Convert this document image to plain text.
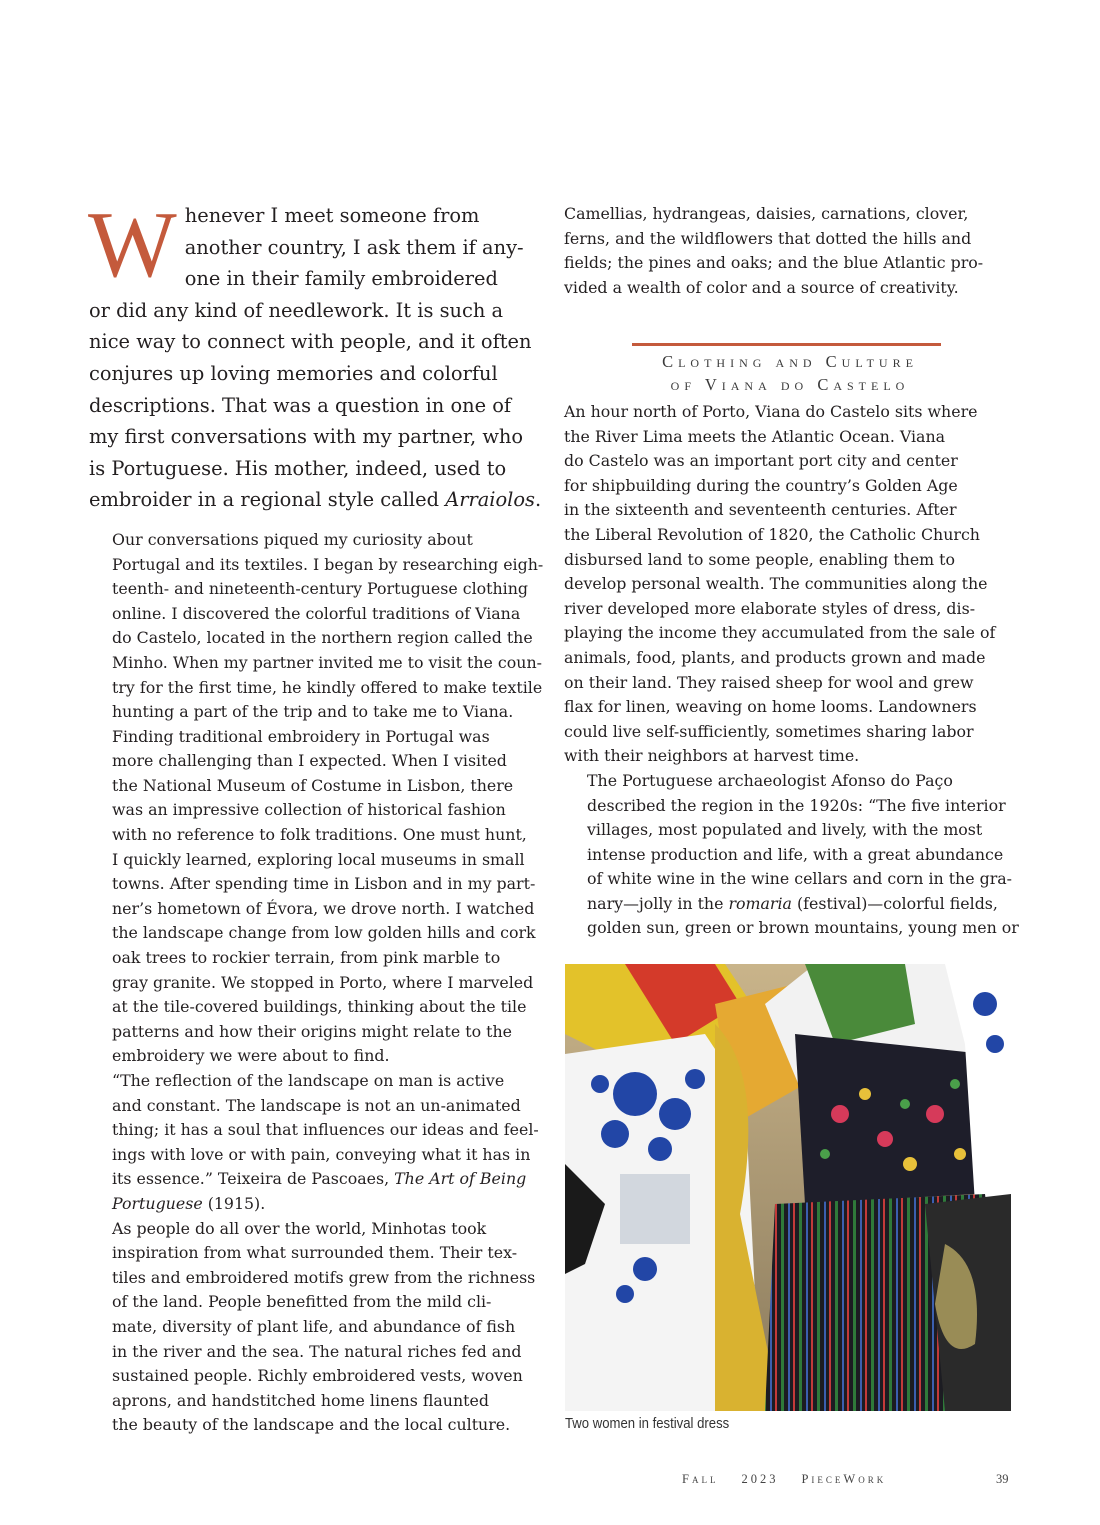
W henever I meet someone from
another country, I ask them if any-
one in their family embroidered
or did any kind of needlework. It is such a
nice way to connect with people, and it often
conjures up loving memories and colorful
descriptions. That was a question in one of
my first conversations with my partner, who
is Portuguese. His mother, indeed, used to
embroider in a regional style called Arraiolos.

Our conversations piqued my curiosity about
Portugal and its textiles. I began by researching eigh-
teenth- and nineteenth-century Portuguese clothing
online. I discovered the colorful traditions of Viana
do Castelo, located in the northern region called the
Minho. When my partner invited me to visit the coun-
try for the first time, he kindly offered to make textile
hunting a part of the trip and to take me to Viana.

Finding traditional embroidery in Portugal was
more challenging than I expected. When I visited
the National Museum of Costume in Lisbon, there
was an impressive collection of historical fashion
with no reference to folk traditions. One must hunt,
I quickly learned, exploring local museums in small
towns. After spending time in Lisbon and in my part-
ner’s hometown of Évora, we drove north. I watched
the landscape change from low golden hills and cork
oak trees to rockier terrain, from pink marble to
gray granite. We stopped in Porto, where I marveled
at the tile-covered buildings, thinking about the tile
patterns and how their origins might relate to the
embroidery we were about to find.

“The reflection of the landscape on man is active
and constant. The landscape is not an un-animated
thing; it has a soul that influences our ideas and feel-
ings with love or with pain, conveying what it has in
its essence.” Teixeira de Pascoaes, The Art of Being
Portuguese (1915).

As people do all over the world, Minhotas took
inspiration from what surrounded them. Their tex-
tiles and embroidered motifs grew from the richness
of the land. People benefitted from the mild cli-
mate, diversity of plant life, and abundance of fish
in the river and the sea. The natural riches fed and
sustained people. Richly embroidered vests, woven
aprons, and handstitched home linens flaunted
the beauty of the landscape and the local culture.

Camellias, hydrangeas, daisies, carnations, clover,
ferns, and the wildflowers that dotted the hills and
fields; the pines and oaks; and the blue Atlantic pro-
vided a wealth of color and a source of creativity.

Clothing and Culture
of Viana do Castelo

An hour north of Porto, Viana do Castelo sits where
the River Lima meets the Atlantic Ocean. Viana
do Castelo was an important port city and center
for shipbuilding during the country’s Golden Age
in the sixteenth and seventeenth centuries. After
the Liberal Revolution of 1820, the Catholic Church
disbursed land to some people, enabling them to
develop personal wealth. The communities along the
river developed more elaborate styles of dress, dis-
playing the income they accumulated from the sale of
animals, food, plants, and products grown and made
on their land. They raised sheep for wool and grew
flax for linen, weaving on home looms. Landowners
could live self-sufficiently, sometimes sharing labor
with their neighbors at harvest time.

The Portuguese archaeologist Afonso do Paço
described the region in the 1920s: “The five interior
villages, most populated and lively, with the most
intense production and life, with a great abundance
of white wine in the wine cellars and corn in the gra-
nary—jolly in the romaria (festival)—colorful fields,
golden sun, green or brown mountains, young men or

Two women in festival dress
Fall 2023 PieceWork	39
